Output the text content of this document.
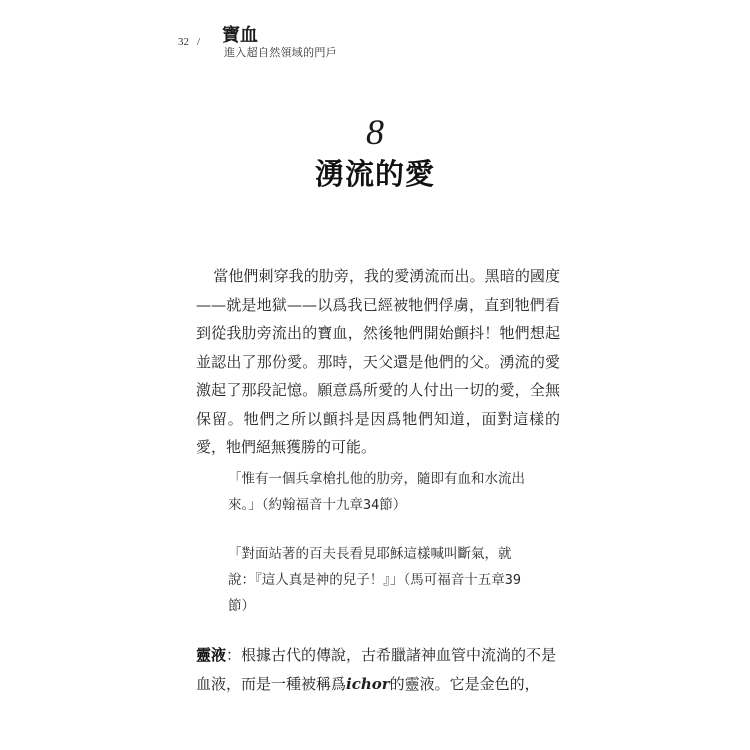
32 / 寶血
進入超自然領域的門戶
8
湧流的愛

當他們刺穿我的肋旁，我的愛湧流而出。黑暗的國度——就是地獄——以爲我已經被牠們俘虜，直到牠們看到從我肋旁流出的寶血，然後牠們開始顫抖！牠們想起並認出了那份愛。那時，天父還是他們的父。湧流的愛激起了那段記憶。願意爲所愛的人付出一切的愛，全無保留。牠們之所以顫抖是因爲牠們知道，面對這樣的愛，牠們絕無獲勝的可能。

「惟有一個兵拿槍扎他的肋旁，隨即有血和水流出來。」（約翰福音十九章34節）

「對面站著的百夫長看見耶穌這樣喊叫斷氣，就說：『這人真是神的兒子！』」（馬可福音十五章39節）

靈液：根據古代的傳說，古希臘諸神血管中流淌的不是血液，而是一種被稱爲ichor的靈液。它是金色的，
